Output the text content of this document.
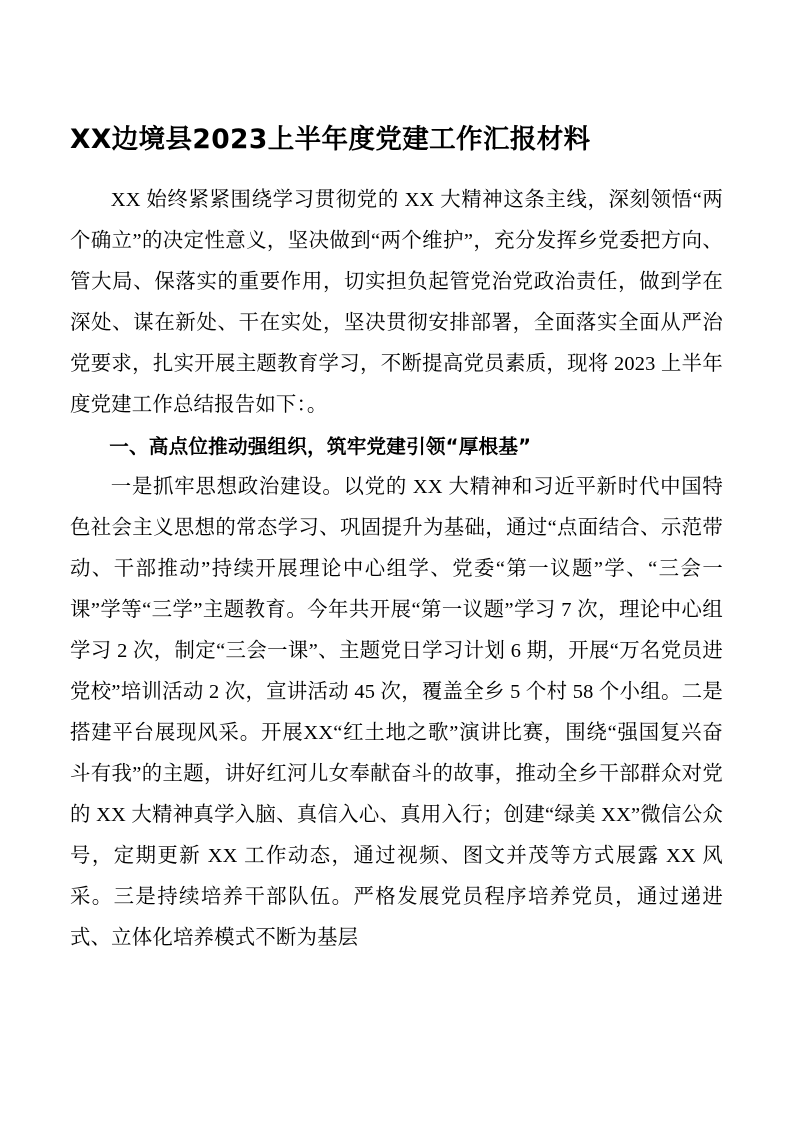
XX边境县2023上半年度党建工作汇报材料

XX 始终紧紧围绕学习贯彻党的 XX 大精神这条主线，深刻领悟“两个确立”的决定性意义，坚决做到“两个维护”，充分发挥乡党委把方向、管大局、保落实的重要作用，切实担负起管党治党政治责任，做到学在深处、谋在新处、干在实处，坚决贯彻安排部署，全面落实全面从严治党要求，扎实开展主题教育学习，不断提高党员素质，现将 2023 上半年度党建工作总结报告如下：。

一、高点位推动强组织，筑牢党建引领“厚根基”

一是抓牢思想政治建设。以党的 XX 大精神和习近平新时代中国特色社会主义思想的常态学习、巩固提升为基础，通过“点面结合、示范带动、干部推动”持续开展理论中心组学、党委“第一议题”学、“三会一课”学等“三学”主题教育。今年共开展“第一议题”学习 7 次，理论中心组学习 2 次，制定“三会一课”、主题党日学习计划 6 期，开展“万名党员进党校”培训活动 2 次，宣讲活动 45 次，覆盖全乡 5 个村 58 个小组。二是搭建平台展现风采。开展XX“红土地之歌”演讲比赛，围绕“强国复兴奋斗有我”的主题，讲好红河儿女奉献奋斗的故事，推动全乡干部群众对党的 XX 大精神真学入脑、真信入心、真用入行；创建“绿美 XX”微信公众号，定期更新 XX 工作动态，通过视频、图文并茂等方式展露 XX 风采。三是持续培养干部队伍。严格发展党员程序培养党员，通过递进式、立体化培养模式不断为基层
